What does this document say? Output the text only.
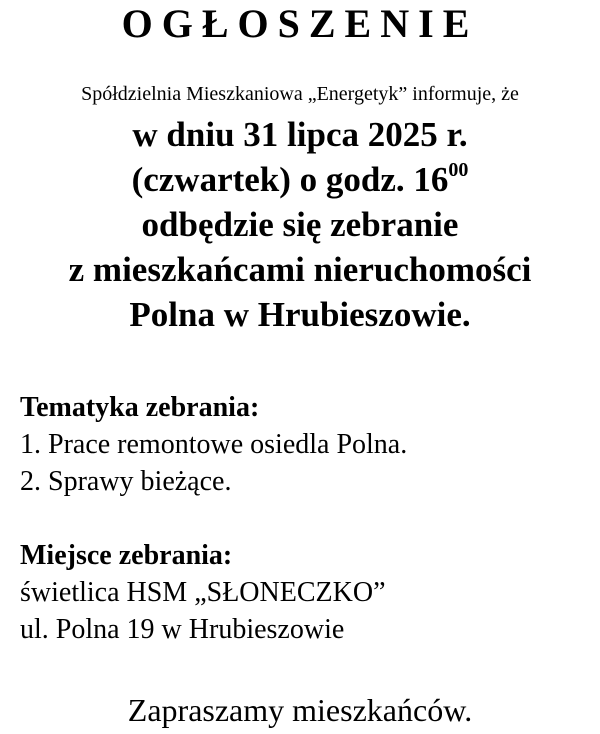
OGŁOSZENIE
Spółdzielnia Mieszkaniowa „Energetyk” informuje, że
w dniu 31 lipca 2025 r.
(czwartek) o godz. $16^{00}$
odbędzie się zebranie
z mieszkańcami nieruchomości
Polna w Hrubieszowie.
Tematyka zebrania:
1. Prace remontowe osiedla Polna.
2. Sprawy bieżące.
Miejsce zebrania:
świetlica HSM „SŁONECZKO”
ul. Polna 19 w Hrubieszowie
Zapraszamy mieszkańców.
